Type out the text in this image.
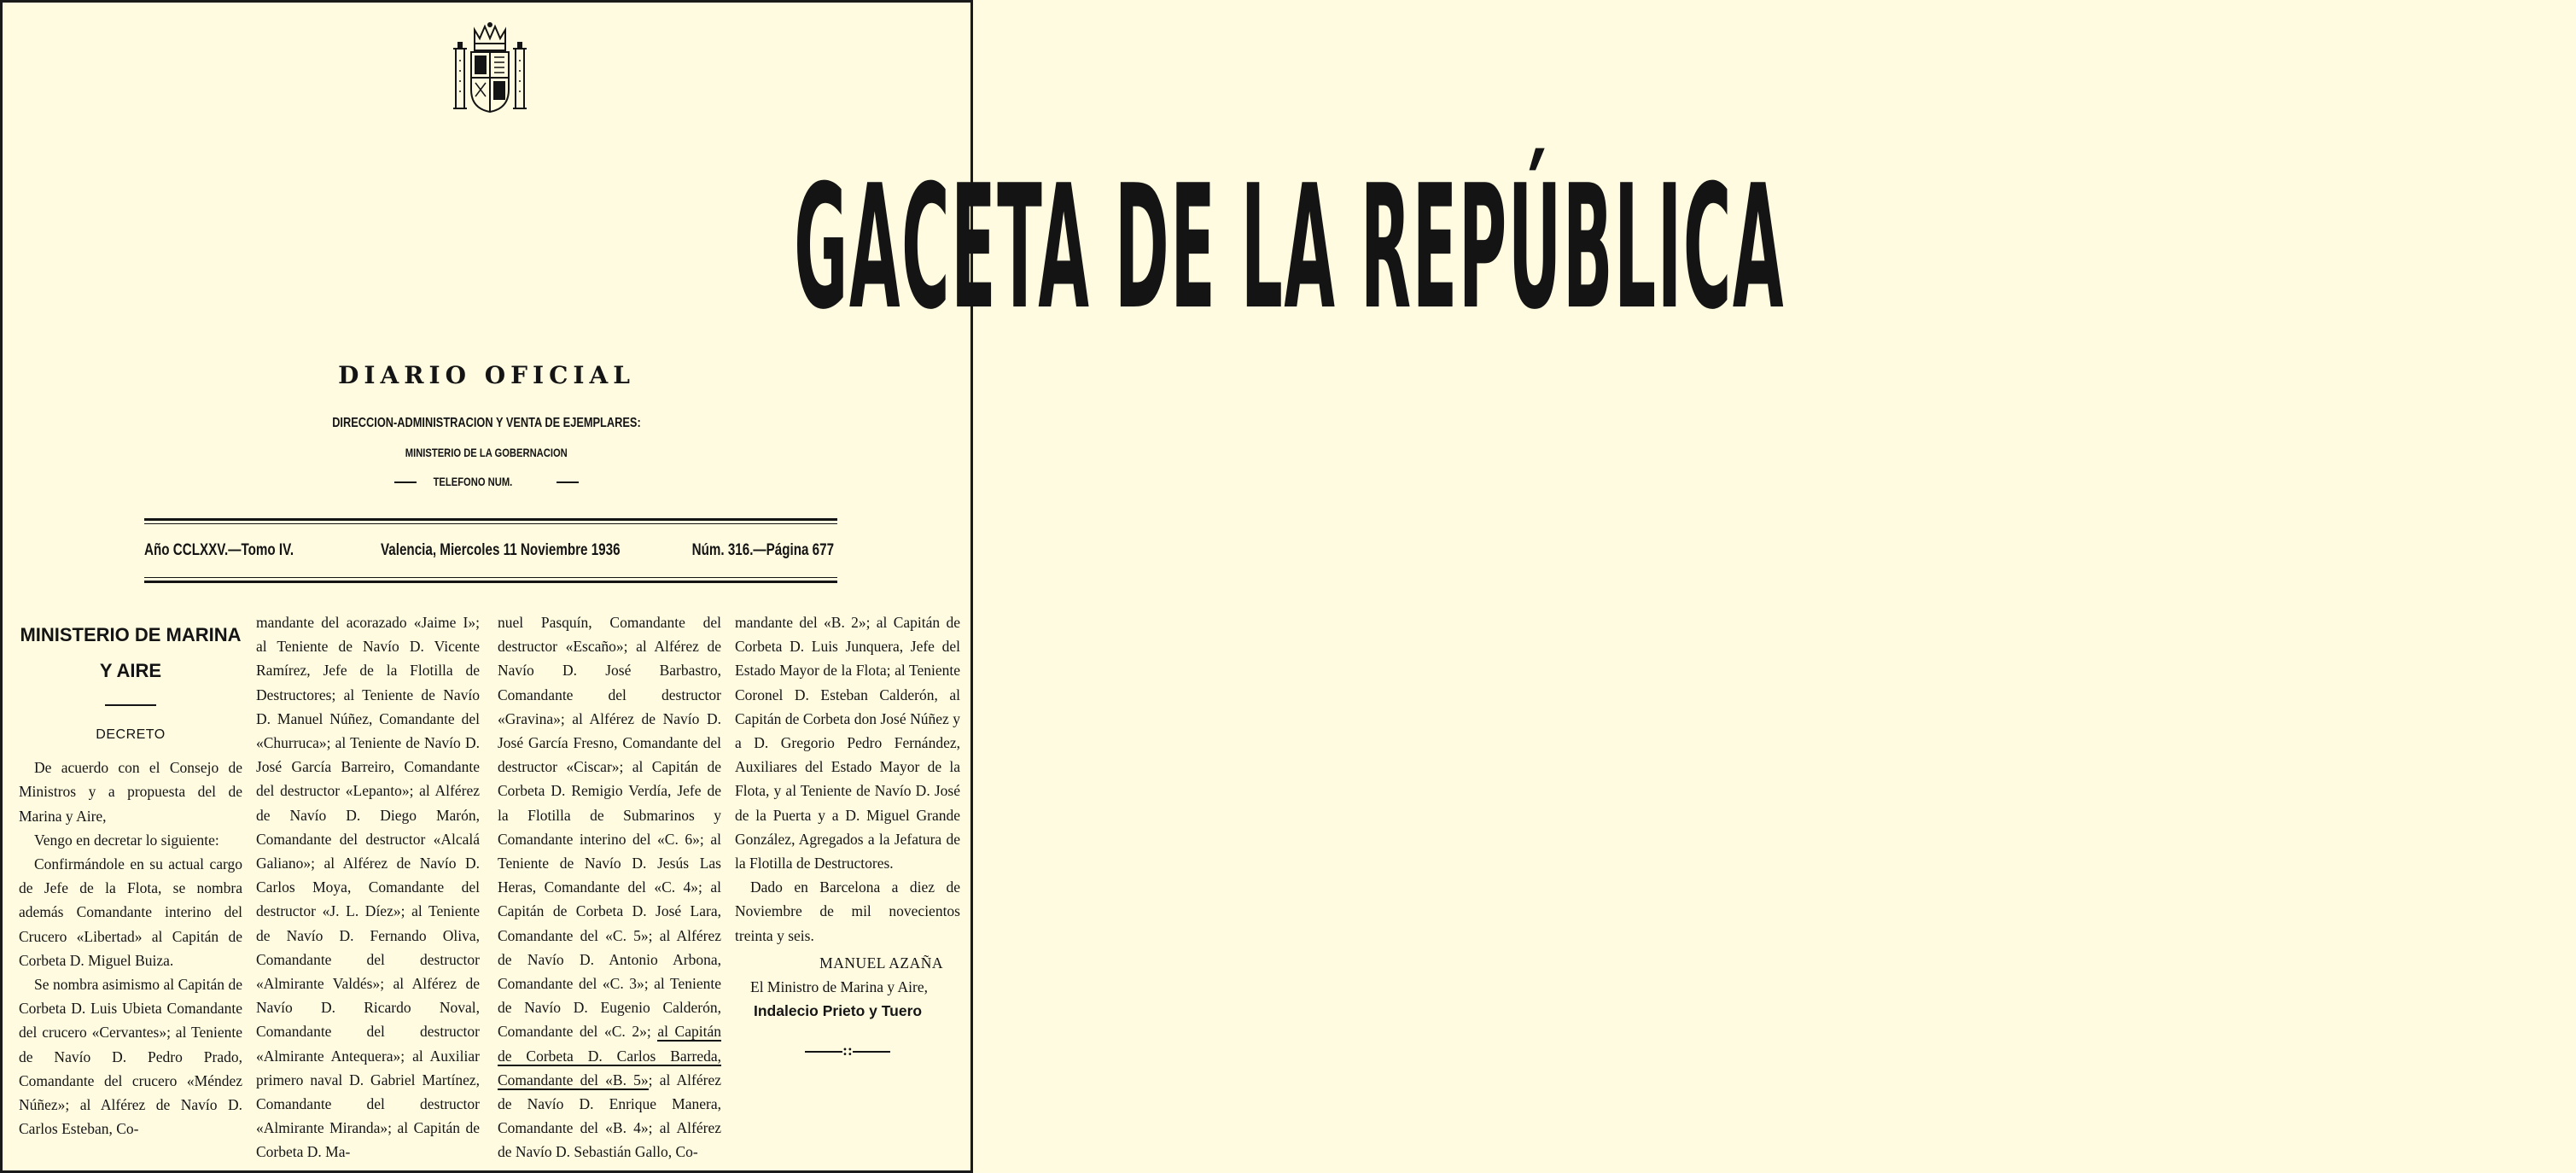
GACETA DE LA REPÚBLICA
DIARIO OFICIAL
DIRECCION-ADMINISTRACION Y VENTA DE EJEMPLARES:
MINISTERIO DE LA GOBERNACION
TELEFONO NUM.
Año CCLXXV.—Tomo IV.	Valencia, Miercoles 11 Noviembre 1936	Núm. 316.—Página 677
MINISTERIO DE MARINA Y AIRE
DECRETO

De acuerdo con el Consejo de Ministros y a propuesta del de Marina y Aire,

Vengo en decretar lo siguiente:

Confirmándole en su actual cargo de Jefe de la Flota, se nombra además Comandante interino del Crucero «Libertad» al Capitán de Corbeta D. Miguel Buiza.

Se nombra asimismo al Capitán de Corbeta D. Luis Ubieta Comandante del crucero «Cervantes»; al Teniente de Navío D. Pedro Prado, Comandante del crucero «Méndez Núñez»; al Alférez de Navío D. Carlos Esteban, Co-

mandante del acorazado «Jaime I»; al Teniente de Navío D. Vicente Ramírez, Jefe de la Flotilla de Destructores; al Teniente de Navío D. Manuel Núñez, Comandante del «Churruca»; al Teniente de Navío D. José García Barreiro, Comandante del destructor «Lepanto»; al Alférez de Navío D. Diego Marón, Comandante del destructor «Alcalá Galiano»; al Alférez de Navío D. Carlos Moya, Comandante del destructor «J. L. Díez»; al Teniente de Navío D. Fernando Oliva, Comandante del destructor «Almirante Valdés»; al Alférez de Navío D. Ricardo Noval, Comandante del destructor «Almirante Antequera»; al Auxiliar primero naval D. Gabriel Martínez, Comandante del destructor «Almirante Miranda»; al Capitán de Corbeta D. Ma-

nuel Pasquín, Comandante del destructor «Escaño»; al Alférez de Navío D. José Barbastro, Comandante del destructor «Gravina»; al Alférez de Navío D. José García Fresno, Comandante del destructor «Ciscar»; al Capitán de Corbeta D. Remigio Verdía, Jefe de la Flotilla de Submarinos y Comandante interino del «C. 6»; al Teniente de Navío D. Jesús Las Heras, Comandante del «C. 4»; al Capitán de Corbeta D. José Lara, Comandante del «C. 5»; al Alférez de Navío D. Antonio Arbona, Comandante del «C. 3»; al Teniente de Navío D. Eugenio Calderón, Comandante del «C. 2»; al Capitán de Corbeta D. Carlos Barreda, Comandante del «B. 5»; al Alférez de Navío D. Enrique Manera, Comandante del «B. 4»; al Alférez de Navío D. Sebastián Gallo, Co-

mandante del «B. 2»; al Capitán de Corbeta D. Luis Junquera, Jefe del Estado Mayor de la Flota; al Teniente Coronel D. Esteban Calderón, al Capitán de Corbeta don José Núñez y a D. Gregorio Pedro Fernández, Auxiliares del Estado Mayor de la Flota, y al Teniente de Navío D. José de la Puerta y a D. Miguel Grande González, Agregados a la Jefatura de la Flotilla de Destructores.

Dado en Barcelona a diez de Noviembre de mil novecientos treinta y seis.

MANUEL AZAÑA

El Ministro de Marina y Aire,

Indalecio Prieto y Tuero

::
